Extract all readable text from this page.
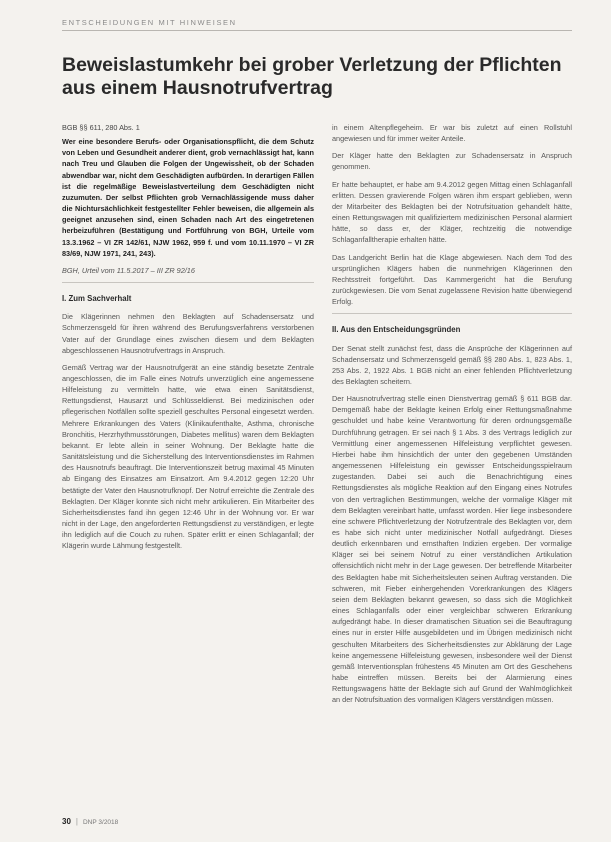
ENTSCHEIDUNGEN MIT HINWEISEN
Beweislastumkehr bei grober Verletzung der Pflichten aus einem Hausnotrufvertrag

BGB §§ 611, 280 Abs. 1

Wer eine besondere Berufs- oder Organisationspflicht, die dem Schutz von Leben und Gesundheit anderer dient, grob vernachlässigt hat, kann nach Treu und Glauben die Folgen der Ungewissheit, ob der Schaden abwendbar war, nicht dem Geschädigten aufbürden. In derartigen Fällen ist die regelmäßige Beweislastverteilung dem Geschädigten nicht zuzumuten. Der selbst Pflichten grob Vernachlässigende muss daher die Nichtursächlichkeit festgestellter Fehler beweisen, die allgemein als geeignet anzusehen sind, einen Schaden nach Art des eingetretenen herbeizuführen (Bestätigung und Fortführung von BGH, Urteile vom 13.3.1962 – VI ZR 142/61, NJW 1962, 959 f. und vom 10.11.1970 – VI ZR 83/69, NJW 1971, 241, 243).

BGH, Urteil vom 11.5.2017 – III ZR 92/16

I. Zum Sachverhalt

Die Klägerinnen nehmen den Beklagten auf Schadensersatz und Schmerzensgeld für ihren während des Berufungsverfahrens verstorbenen Vater auf der Grundlage eines zwischen diesem und dem Beklagten abgeschlossenen Hausnotrufvertrags in Anspruch.

Gemäß Vertrag war der Hausnotrufgerät an eine ständig besetzte Zentrale angeschlossen, die im Falle eines Notrufs unverzüglich eine angemessene Hilfeleistung zu vermitteln hatte, wie etwa einen Sanitätsdienst, Rettungsdienst, Hausarzt und Schlüsseldienst. Bei medizinischen oder pflegerischen Notfällen sollte speziell geschultes Personal eingesetzt werden. Mehrere Erkrankungen des Vaters (Klinikaufenthalte, Asthma, chronische Bronchitis, Herzrhythmusstörungen, Diabetes mellitus) waren dem Beklagten bekannt. Er lebte allein in seiner Wohnung. Der Beklagte hatte die Sanitätsleistung und die Sicherstellung des Interventionsdienstes im Rahmen des Hausnotrufs beauftragt. Die Interventionszeit betrug maximal 45 Minuten ab Eingang des Einsatzes am Einsatzort. Am 9.4.2012 gegen 12:20 Uhr betätigte der Vater den Hausnotrufknopf. Der Notruf erreichte die Zentrale des Beklagten. Der Kläger konnte sich nicht mehr artikulieren. Ein Mitarbeiter des Sicherheitsdienstes fand ihn gegen 12:46 Uhr in der Wohnung vor. Er war nicht in der Lage, den angeforderten Rettungsdienst zu verständigen, er legte ihn lediglich auf die Couch zu ruhen. Später erlitt er einen Schlaganfall; der Klägerin wurde Lähmung festgestellt.

in einem Altenpflegeheim. Er war bis zuletzt auf einen Rollstuhl angewiesen und für immer weiter Anteile.

Der Kläger hatte den Beklagten zur Schadensersatz in Anspruch genommen.

Er hatte behauptet, er habe am 9.4.2012 gegen Mittag einen Schlaganfall erlitten. Dessen gravierende Folgen wären ihm erspart geblieben, wenn der Mitarbeiter des Beklagten bei der Notrufsituation gehandelt hätte, einen Rettungswagen mit qualifiziertem medizinischen Personal alarmiert hätte, so dass er, der Kläger, rechtzeitig die notwendige Schlaganfalltherapie erhalten hätte.

Das Landgericht Berlin hat die Klage abgewiesen. Nach dem Tod des ursprünglichen Klägers haben die nunmehrigen Klägerinnen den Rechtsstreit fortgeführt. Das Kammergericht hat die Berufung zurückgewiesen. Die vom Senat zugelassene Revision hatte überwiegend Erfolg.

II. Aus den Entscheidungsgründen

Der Senat stellt zunächst fest, dass die Ansprüche der Klägerinnen auf Schadensersatz und Schmerzensgeld gemäß §§ 280 Abs. 1, 823 Abs. 1, 253 Abs. 2, 1922 Abs. 1 BGB nicht an einer fehlenden Pflichtverletzung des Beklagten scheitern.

Der Hausnotrufvertrag stelle einen Dienstvertrag gemäß § 611 BGB dar. Demgemäß habe der Beklagte keinen Erfolg einer Rettungsmaßnahme geschuldet und habe keine Verantwortung für deren ordnungsgemäße Durchführung getragen. Er sei nach § 1 Abs. 3 des Vertrags lediglich zur Vermittlung einer angemessenen Hilfeleistung verpflichtet gewesen. Hierbei habe ihm hinsichtlich der unter den gegebenen Umständen angemessenen Hilfeleistung ein gewisser Entscheidungsspielraum zugestanden. Dabei sei auch die Benachrichtigung eines Rettungsdienstes als mögliche Reaktion auf den Eingang eines Notrufes von den vertraglichen Bestimmungen, welche der vormalige Kläger mit dem Beklagten vereinbart hatte, umfasst worden. Hier liege insbesondere eine schwere Pflichtverletzung der Notrufzentrale des Beklagten vor, dem es habe sich nicht unter medizinischer Notfall aufgedrängt. Dieses deutlich erkennbaren und ernsthaften Indizien ergeben. Der vormalige Kläger sei bei seinem Notruf zu einer verständlichen Artikulation offensichtlich nicht mehr in der Lage gewesen. Der betreffende Mitarbeiter des Beklagten habe mit Sicherheitsleuten seinen Auftrag verstanden. Die schweren, mit Fieber einhergehenden Vorerkrankungen des Klägers seien dem Beklagten bekannt gewesen, so dass sich die Möglichkeit eines Schlaganfalls oder einer vergleichbar schweren Erkrankung aufgedrängt habe. In dieser dramatischen Situation sei die Beauftragung eines nur in erster Hilfe ausgebildeten und im Übrigen medizinisch nicht geschulten Mitarbeiters des Sicherheitsdienstes zur Abklärung der Lage keine angemessene Hilfeleistung gewesen, insbesondere weil der Dienst gemäß Interventionsplan frühestens 45 Minuten am Ort des Geschehens habe eintreffen müssen. Bereits bei der Alarmierung eines Rettungswagens hätte der Beklagte sich auf Grund der Wahlmöglichkeit an der Notrufsituation des vormaligen Klägers verständigen müssen.

30 | DNP 3/2018
